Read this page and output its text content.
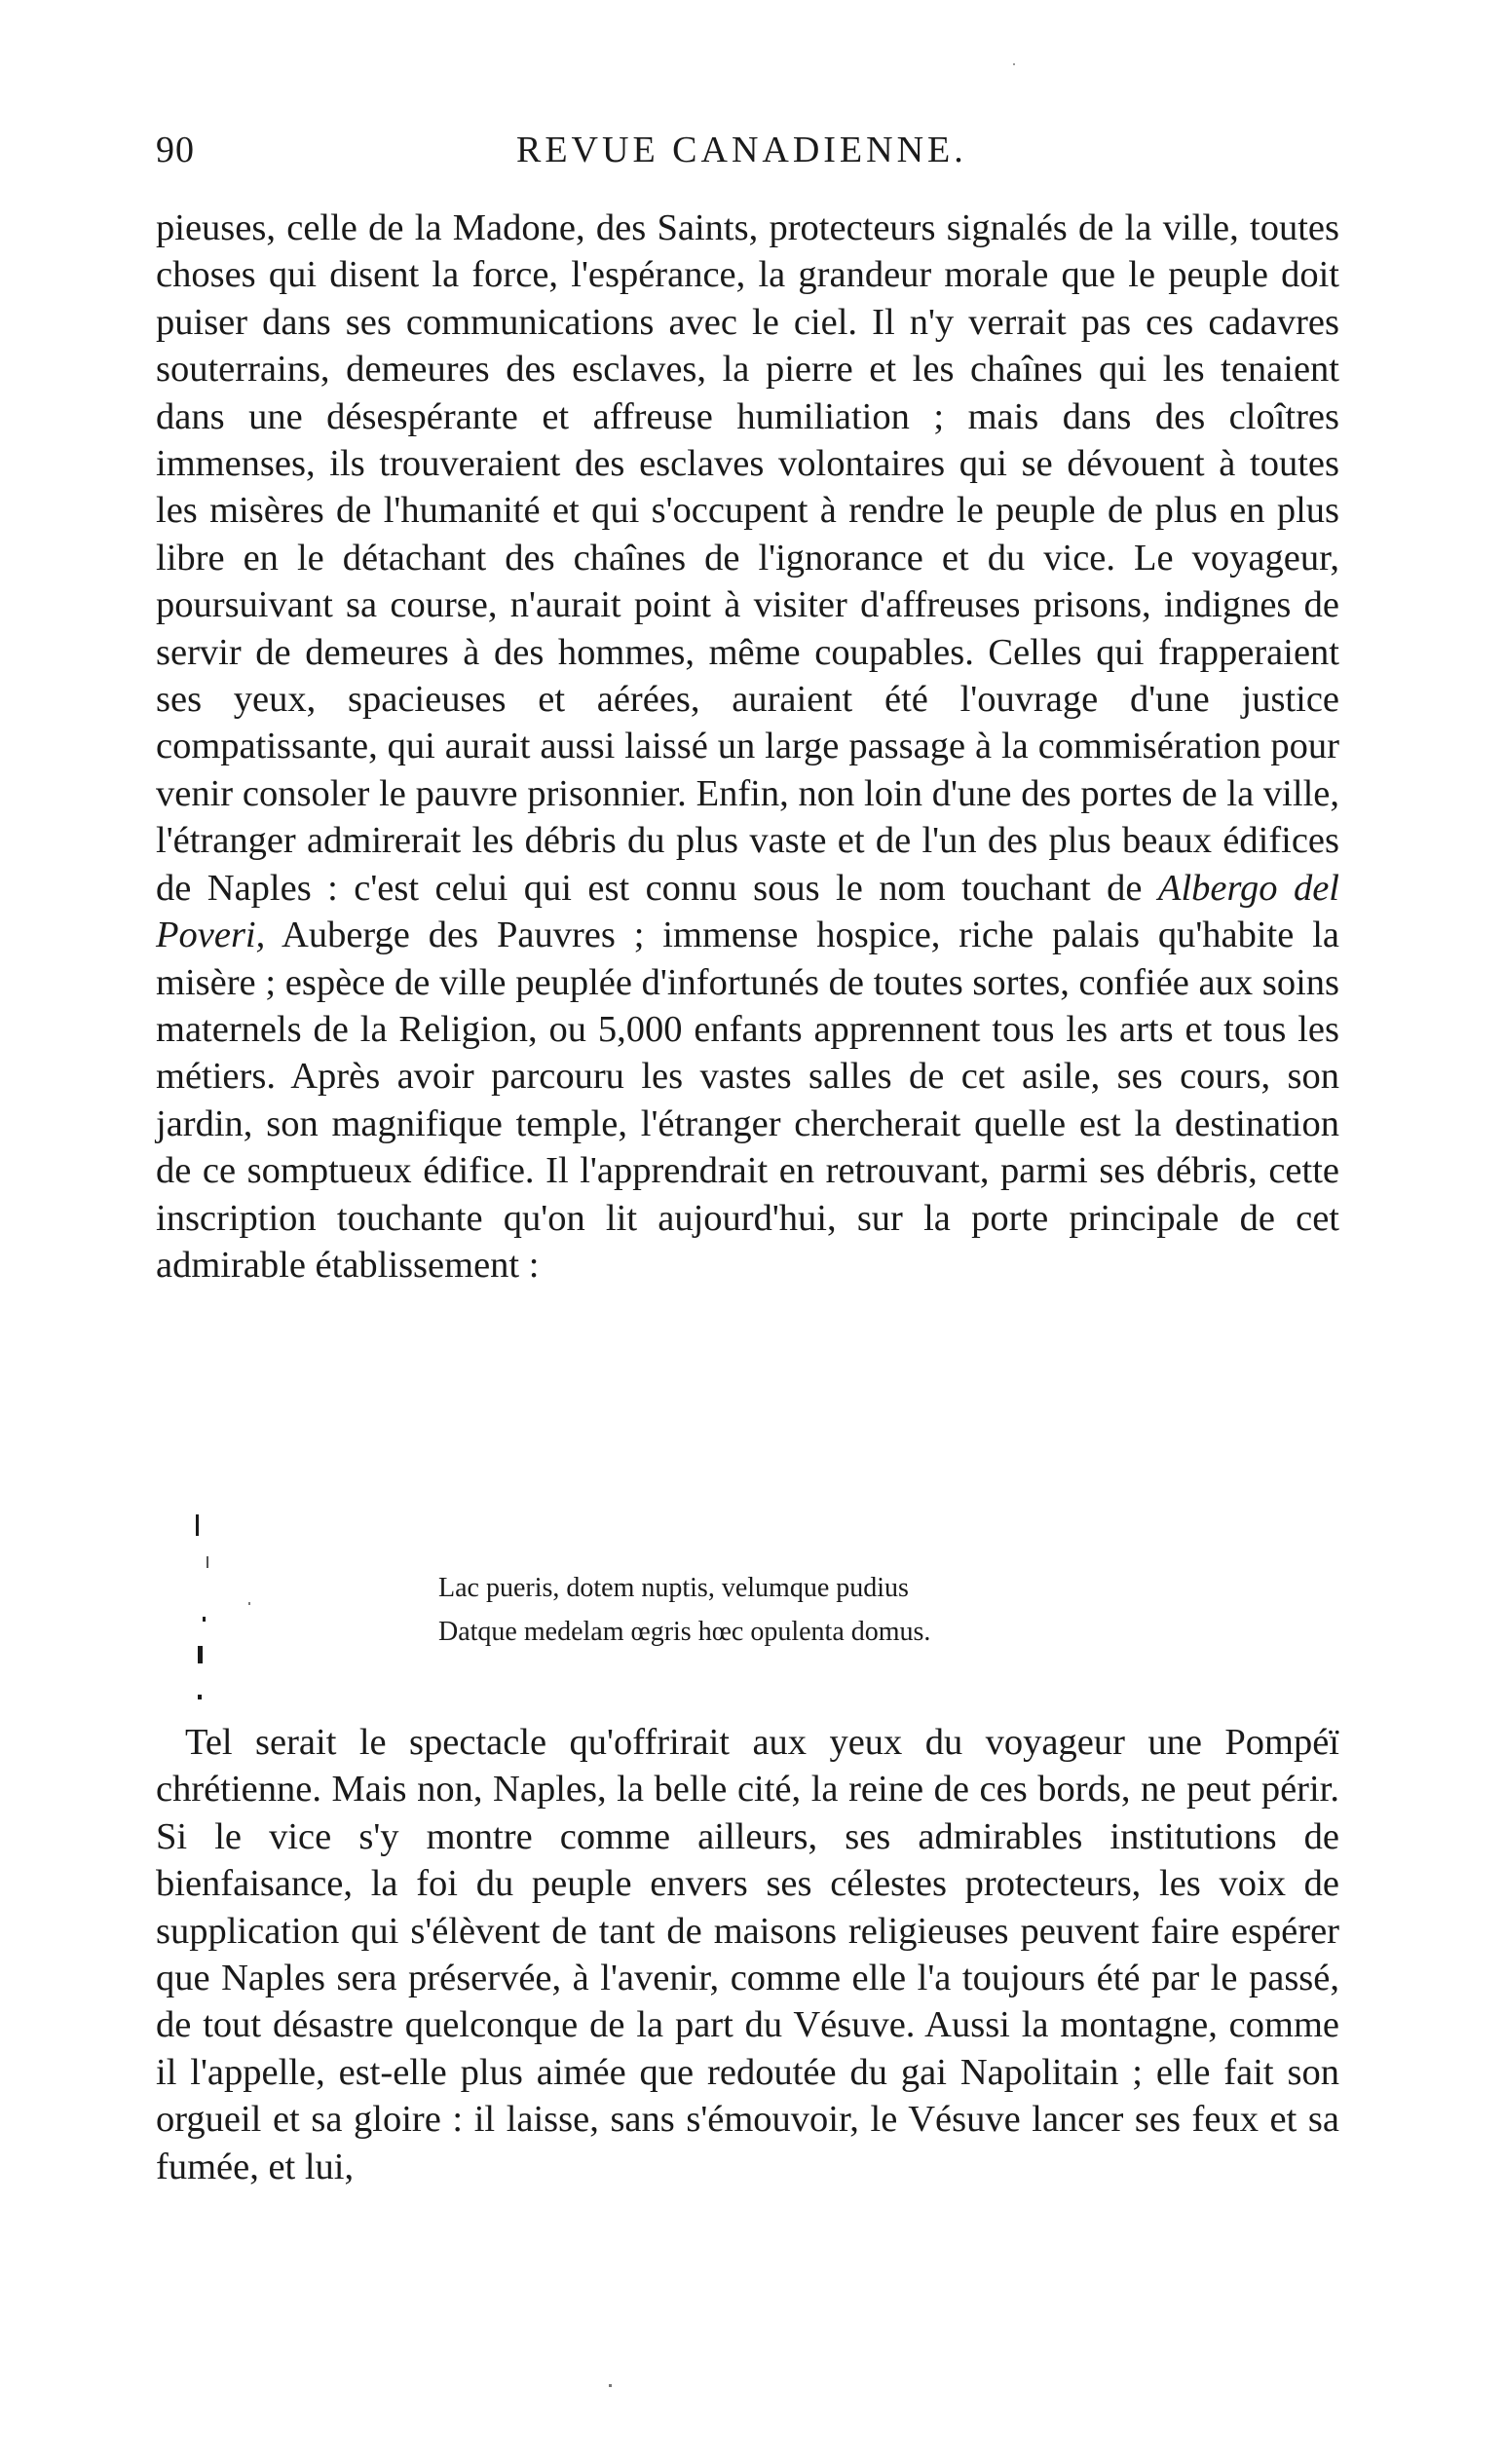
90	REVUE CANADIENNE.

pieuses, celle de la Madone, des Saints, protecteurs signalés de la ville, toutes choses qui disent la force, l'espérance, la grandeur morale que le peuple doit puiser dans ses communications avec le ciel. Il n'y verrait pas ces cadavres souterrains, demeures des esclaves, la pierre et les chaînes qui les tenaient dans une désespérante et affreuse humiliation ; mais dans des cloîtres immenses, ils trouveraient des esclaves volontaires qui se dévouent à toutes les misères de l'humanité et qui s'occupent à rendre le peuple de plus en plus libre en le détachant des chaînes de l'ignorance et du vice. Le voyageur, poursuivant sa course, n'aurait point à visiter d'affreuses prisons, indignes de servir de demeures à des hommes, même coupables. Celles qui frapperaient ses yeux, spacieuses et aérées, auraient été l'ouvrage d'une justice compatissante, qui aurait aussi laissé un large passage à la commisération pour venir consoler le pauvre prisonnier. Enfin, non loin d'une des portes de la ville, l'étranger admirerait les débris du plus vaste et de l'un des plus beaux édifices de Naples : c'est celui qui est connu sous le nom touchant de Albergo del Poveri, Auberge des Pauvres ; immense hospice, riche palais qu'habite la misère ; espèce de ville peuplée d'infortunés de toutes sortes, confiée aux soins maternels de la Religion, ou 5,000 enfants apprennent tous les arts et tous les métiers. Après avoir parcouru les vastes salles de cet asile, ses cours, son jardin, son magnifique temple, l'étranger chercherait quelle est la destination de ce somptueux édifice. Il l'apprendrait en retrouvant, parmi ses débris, cette inscription touchante qu'on lit aujourd'hui, sur la porte principale de cet admirable établissement :

Lac pueris, dotem nuptis, velumque pudius
Datque medelam œgris hœc opulenta domus.

Tel serait le spectacle qu'offrirait aux yeux du voyageur une Pompéï chrétienne. Mais non, Naples, la belle cité, la reine de ces bords, ne peut périr. Si le vice s'y montre comme ailleurs, ses admirables institutions de bienfaisance, la foi du peuple envers ses célestes protecteurs, les voix de supplication qui s'élèvent de tant de maisons religieuses peuvent faire espérer que Naples sera préservée, à l'avenir, comme elle l'a toujours été par le passé, de tout désastre quelconque de la part du Vésuve. Aussi la montagne, comme il l'appelle, est-elle plus aimée que redoutée du gai Napolitain ; elle fait son orgueil et sa gloire : il laisse, sans s'émouvoir, le Vésuve lancer ses feux et sa fumée, et lui,
